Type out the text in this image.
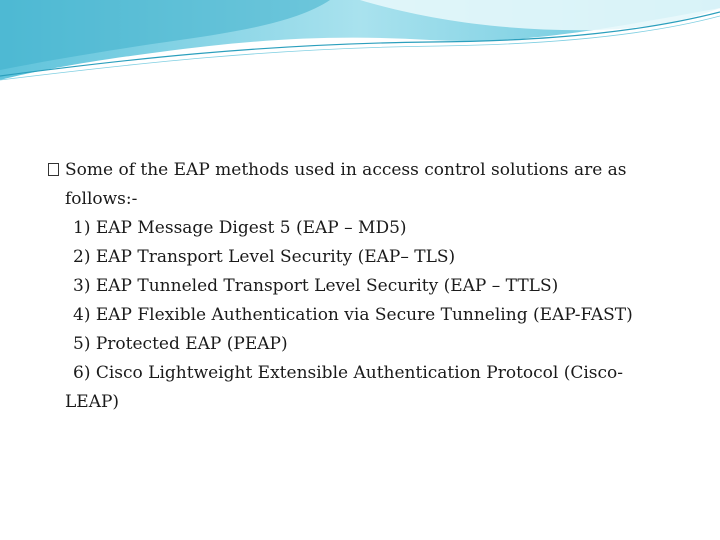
Some of the EAP methods used in access control solutions are as
follows:-
1) EAP Message Digest 5 (EAP – MD5)
2) EAP Transport Level Security (EAP– TLS)
3) EAP Tunneled Transport Level Security (EAP – TTLS)
4) EAP Flexible Authentication via Secure Tunneling (EAP-FAST)
5) Protected EAP (PEAP)
6) Cisco Lightweight Extensible Authentication Protocol (Cisco-
LEAP)
